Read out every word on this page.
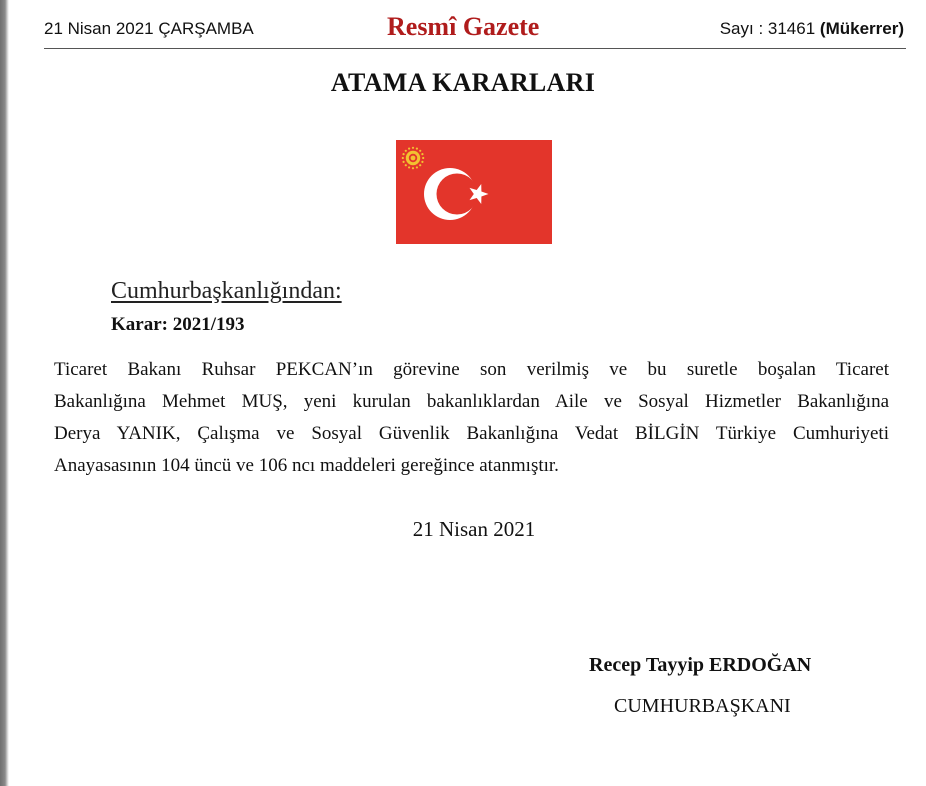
21 Nisan 2021 ÇARŞAMBA	Resmî Gazete	Sayı : 31461 (Mükerrer)
ATAMA KARARLARI
Cumhurbaşkanlığından:
Karar: 2021/193
Ticaret Bakanı Ruhsar PEKCAN’ın görevine son verilmiş ve bu suretle boşalan Ticaret
Bakanlığına Mehmet MUŞ, yeni kurulan bakanlıklardan Aile ve Sosyal Hizmetler Bakanlığına
Derya YANIK, Çalışma ve Sosyal Güvenlik Bakanlığına Vedat BİLGİN Türkiye Cumhuriyeti
Anayasasının 104 üncü ve 106 ncı maddeleri gereğince atanmıştır.
21 Nisan 2021
Recep Tayyip ERDOĞAN
CUMHURBAŞKANI
